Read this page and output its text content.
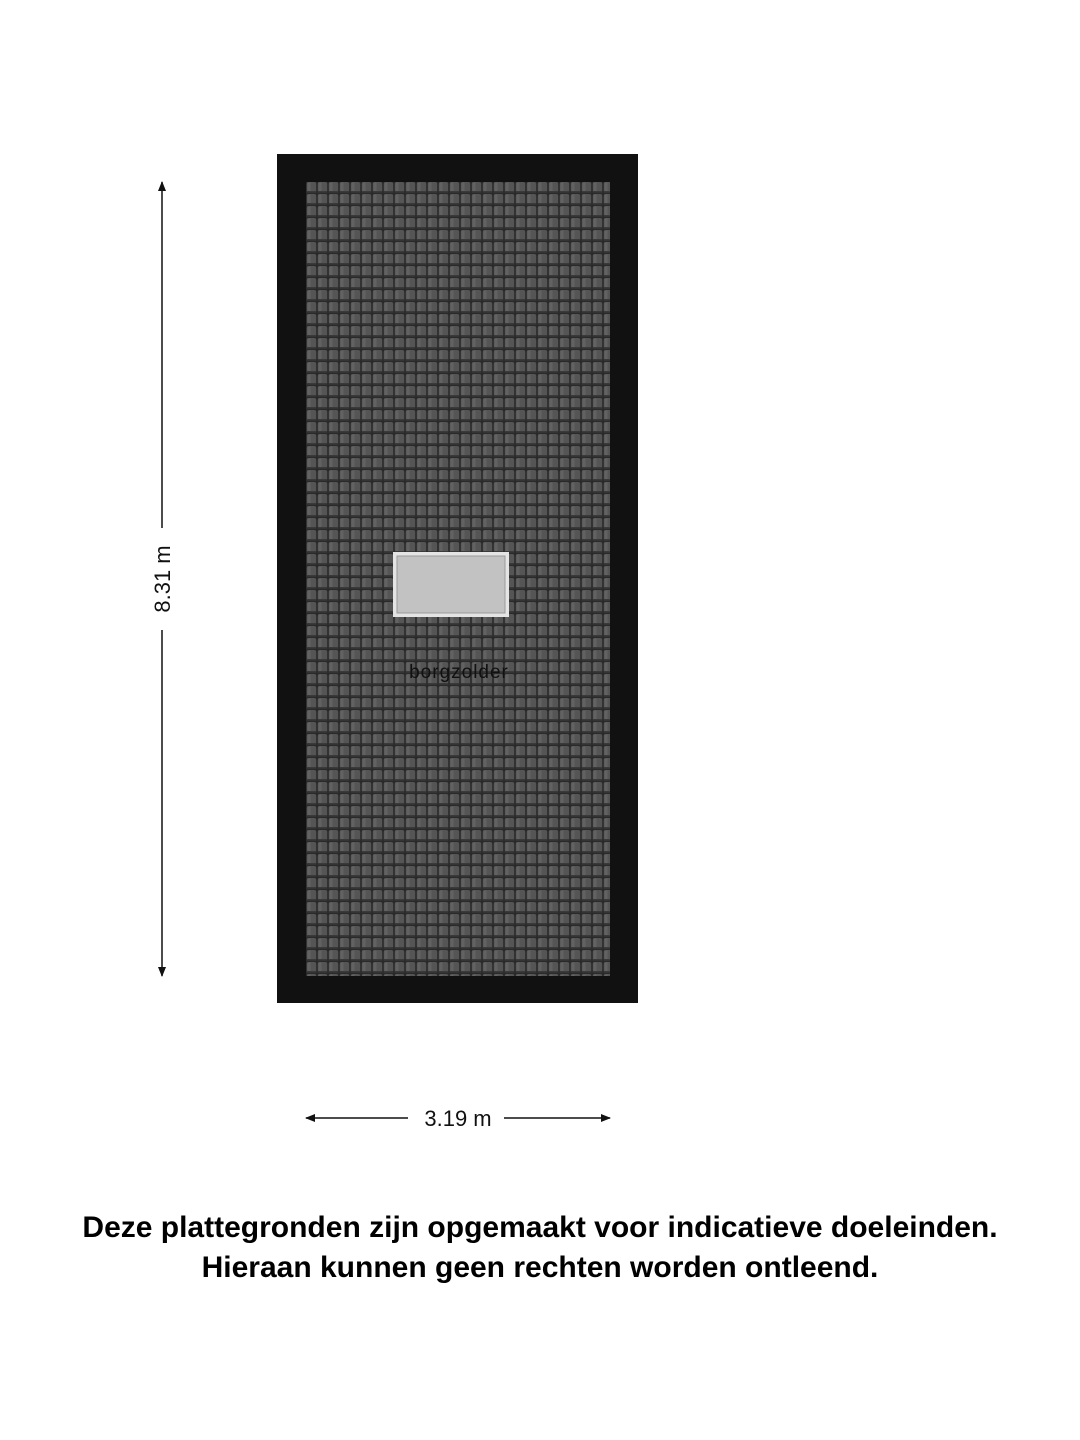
borgzolder
8.31 m
3.19 m
Deze plattegronden zijn opgemaakt voor indicatieve doeleinden.
Hieraan kunnen geen rechten worden ontleend.
